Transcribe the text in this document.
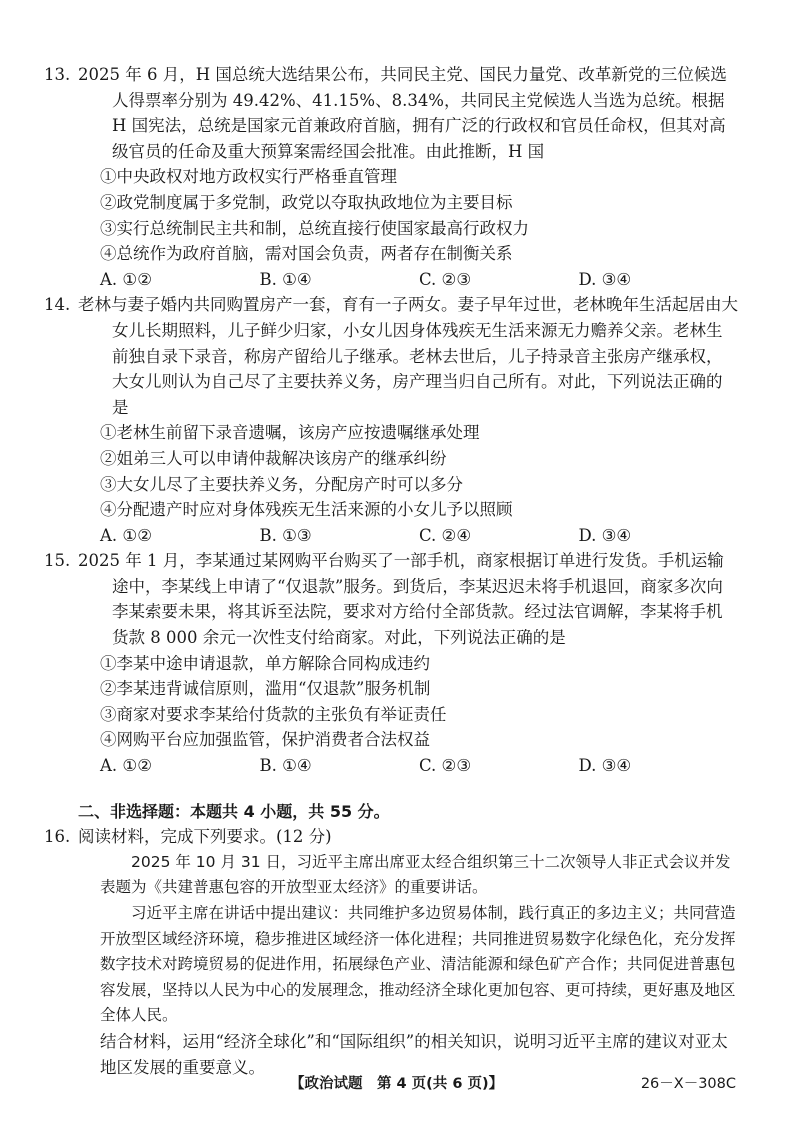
13. 2025 年 6 月，H 国总统大选结果公布，共同民主党、国民力量党、改革新党的三位候选人得票率分别为 49.42%、41.15%、8.34%，共同民主党候选人当选为总统。根据 H 国宪法，总统是国家元首兼政府首脑，拥有广泛的行政权和官员任命权，但其对高级官员的任命及重大预算案需经国会批准。由此推断，H 国

①中央政权对地方政权实行严格垂直管理

②政党制度属于多党制，政党以夺取执政地位为主要目标

③实行总统制民主共和制，总统直接行使国家最高行政权力

④总统作为政府首脑，需对国会负责，两者存在制衡关系

A. ①②	B. ①④	C. ②③	D. ③④

14. 老林与妻子婚内共同购置房产一套，育有一子两女。妻子早年过世，老林晚年生活起居由大女儿长期照料，儿子鲜少归家，小女儿因身体残疾无生活来源无力赡养父亲。老林生前独自录下录音，称房产留给儿子继承。老林去世后，儿子持录音主张房产继承权，大女儿则认为自己尽了主要扶养义务，房产理当归自己所有。对此，下列说法正确的是

①老林生前留下录音遗嘱，该房产应按遗嘱继承处理

②姐弟三人可以申请仲裁解决该房产的继承纠纷

③大女儿尽了主要扶养义务，分配房产时可以多分

④分配遗产时应对身体残疾无生活来源的小女儿予以照顾

A. ①②	B. ①③	C. ②④	D. ③④

15. 2025 年 1 月，李某通过某网购平台购买了一部手机，商家根据订单进行发货。手机运输途中，李某线上申请了“仅退款”服务。到货后，李某迟迟未将手机退回，商家多次向李某索要未果，将其诉至法院，要求对方给付全部货款。经过法官调解，李某将手机货款 8 000 余元一次性支付给商家。对此，下列说法正确的是

①李某中途申请退款，单方解除合同构成违约

②李某违背诚信原则，滥用“仅退款”服务机制

③商家对要求李某给付货款的主张负有举证责任

④网购平台应加强监管，保护消费者合法权益

A. ①②	B. ①④	C. ②③	D. ③④

二、非选择题：本题共 4 小题，共 55 分。

16. 阅读材料，完成下列要求。(12 分)

2025 年 10 月 31 日，习近平主席出席亚太经合组织第三十二次领导人非正式会议并发表题为《共建普惠包容的开放型亚太经济》的重要讲话。

习近平主席在讲话中提出建议：共同维护多边贸易体制，践行真正的多边主义；共同营造开放型区域经济环境，稳步推进区域经济一体化进程；共同推进贸易数字化绿色化，充分发挥数字技术对跨境贸易的促进作用，拓展绿色产业、清洁能源和绿色矿产合作；共同促进普惠包容发展，坚持以人民为中心的发展理念，推动经济全球化更加包容、更可持续，更好惠及地区全体人民。

结合材料，运用“经济全球化”和“国际组织”的相关知识，说明习近平主席的建议对亚太地区发展的重要意义。

【政治试题　第 4 页(共 6 页)】	26－X－308C
